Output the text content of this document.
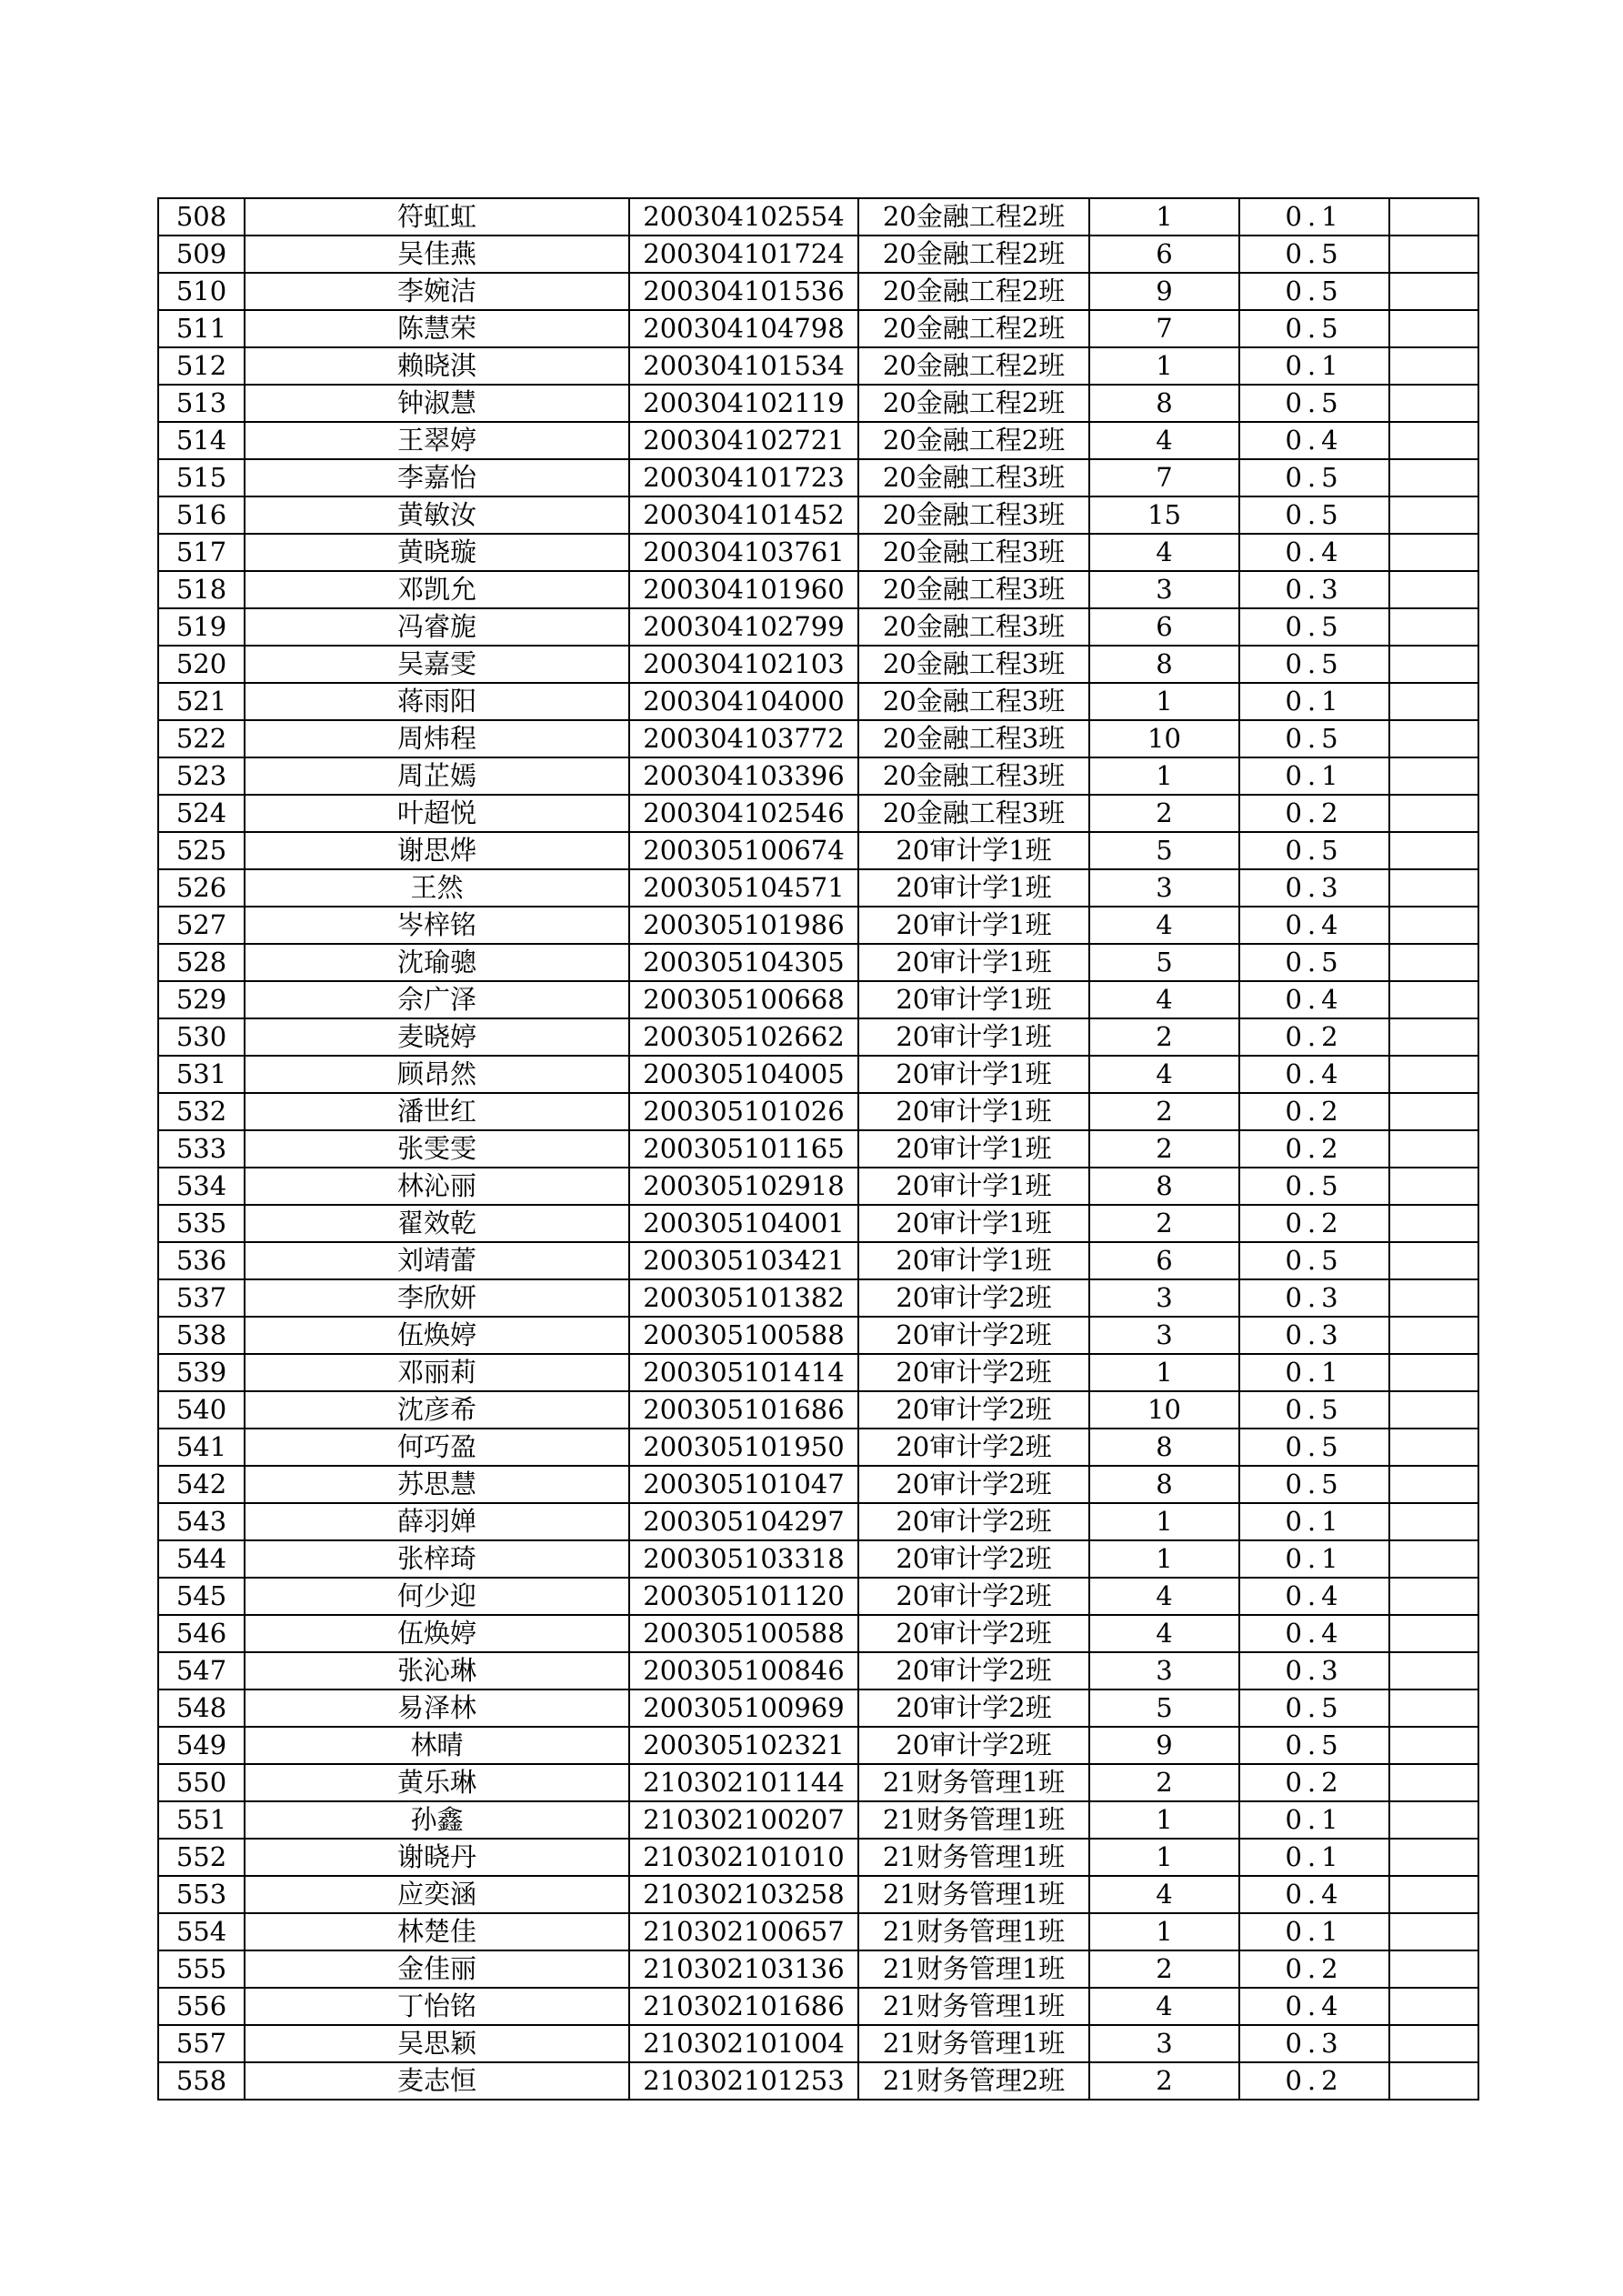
508	符虹虹	200304102554	20金融工程2班	1	0.1	
509	吴佳燕	200304101724	20金融工程2班	6	0.5	
510	李婉洁	200304101536	20金融工程2班	9	0.5	
511	陈慧荣	200304104798	20金融工程2班	7	0.5	
512	赖晓淇	200304101534	20金融工程2班	1	0.1	
513	钟淑慧	200304102119	20金融工程2班	8	0.5	
514	王翠婷	200304102721	20金融工程2班	4	0.4	
515	李嘉怡	200304101723	20金融工程3班	7	0.5	
516	黄敏汝	200304101452	20金融工程3班	15	0.5	
517	黄晓璇	200304103761	20金融工程3班	4	0.4	
518	邓凯允	200304101960	20金融工程3班	3	0.3	
519	冯睿旎	200304102799	20金融工程3班	6	0.5	
520	吴嘉雯	200304102103	20金融工程3班	8	0.5	
521	蒋雨阳	200304104000	20金融工程3班	1	0.1	
522	周炜程	200304103772	20金融工程3班	10	0.5	
523	周芷嫣	200304103396	20金融工程3班	1	0.1	
524	叶超悦	200304102546	20金融工程3班	2	0.2	
525	谢思烨	200305100674	20审计学1班	5	0.5	
526	王然	200305104571	20审计学1班	3	0.3	
527	岑梓铭	200305101986	20审计学1班	4	0.4	
528	沈瑜骢	200305104305	20审计学1班	5	0.5	
529	佘广泽	200305100668	20审计学1班	4	0.4	
530	麦晓婷	200305102662	20审计学1班	2	0.2	
531	顾昂然	200305104005	20审计学1班	4	0.4	
532	潘世红	200305101026	20审计学1班	2	0.2	
533	张雯雯	200305101165	20审计学1班	2	0.2	
534	林沁丽	200305102918	20审计学1班	8	0.5	
535	翟效乾	200305104001	20审计学1班	2	0.2	
536	刘靖蕾	200305103421	20审计学1班	6	0.5	
537	李欣妍	200305101382	20审计学2班	3	0.3	
538	伍焕婷	200305100588	20审计学2班	3	0.3	
539	邓丽莉	200305101414	20审计学2班	1	0.1	
540	沈彦希	200305101686	20审计学2班	10	0.5	
541	何巧盈	200305101950	20审计学2班	8	0.5	
542	苏思慧	200305101047	20审计学2班	8	0.5	
543	薛羽婵	200305104297	20审计学2班	1	0.1	
544	张梓琦	200305103318	20审计学2班	1	0.1	
545	何少迎	200305101120	20审计学2班	4	0.4	
546	伍焕婷	200305100588	20审计学2班	4	0.4	
547	张沁琳	200305100846	20审计学2班	3	0.3	
548	易泽林	200305100969	20审计学2班	5	0.5	
549	林晴	200305102321	20审计学2班	9	0.5	
550	黄乐琳	210302101144	21财务管理1班	2	0.2	
551	孙鑫	210302100207	21财务管理1班	1	0.1	
552	谢晓丹	210302101010	21财务管理1班	1	0.1	
553	应奕涵	210302103258	21财务管理1班	4	0.4	
554	林楚佳	210302100657	21财务管理1班	1	0.1	
555	金佳丽	210302103136	21财务管理1班	2	0.2	
556	丁怡铭	210302101686	21财务管理1班	4	0.4	
557	吴思颖	210302101004	21财务管理1班	3	0.3	
558	麦志恒	210302101253	21财务管理2班	2	0.2	
